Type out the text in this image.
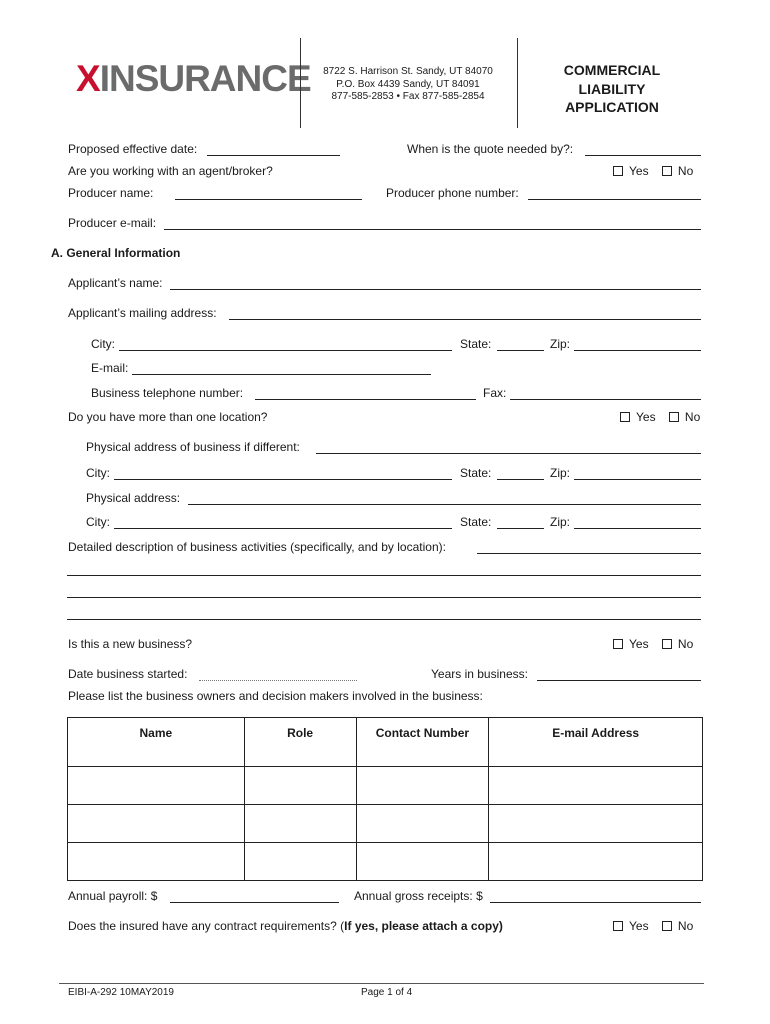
XINSURANCE	8722 S. Harrison St. Sandy, UT 84070
P.O. Box 4439 Sandy, UT 84091
877-585-2853 • Fax 877-585-2854
COMMERCIAL
LIABILITY
APPLICATION
Proposed effective date:	When is the quote needed by?:
Are you working with an agent/broker?	Yes No
Producer name:	Producer phone number:
Producer e-mail:
A. General Information
Applicant’s name:
Applicant’s mailing address:
City:	State:	Zip:
E-mail:
Business telephone number:	Fax:
Do you have more than one location?	Yes No
Physical address of business if different:
City:	State:	Zip:
Physical address:
City:	State:	Zip:
Detailed description of business activities (specifically, and by location):
Is this a new business?	Yes No
Date business started:	Years in business:
Please list the business owners and decision makers involved in the business:
Name	Role	Contact Number	E-mail Address

Annual payroll: $	Annual gross receipts: $
Does the insured have any contract requirements? (If yes, please attach a copy)	Yes No
EIBI-A-292 10MAY2019	Page 1 of 4
